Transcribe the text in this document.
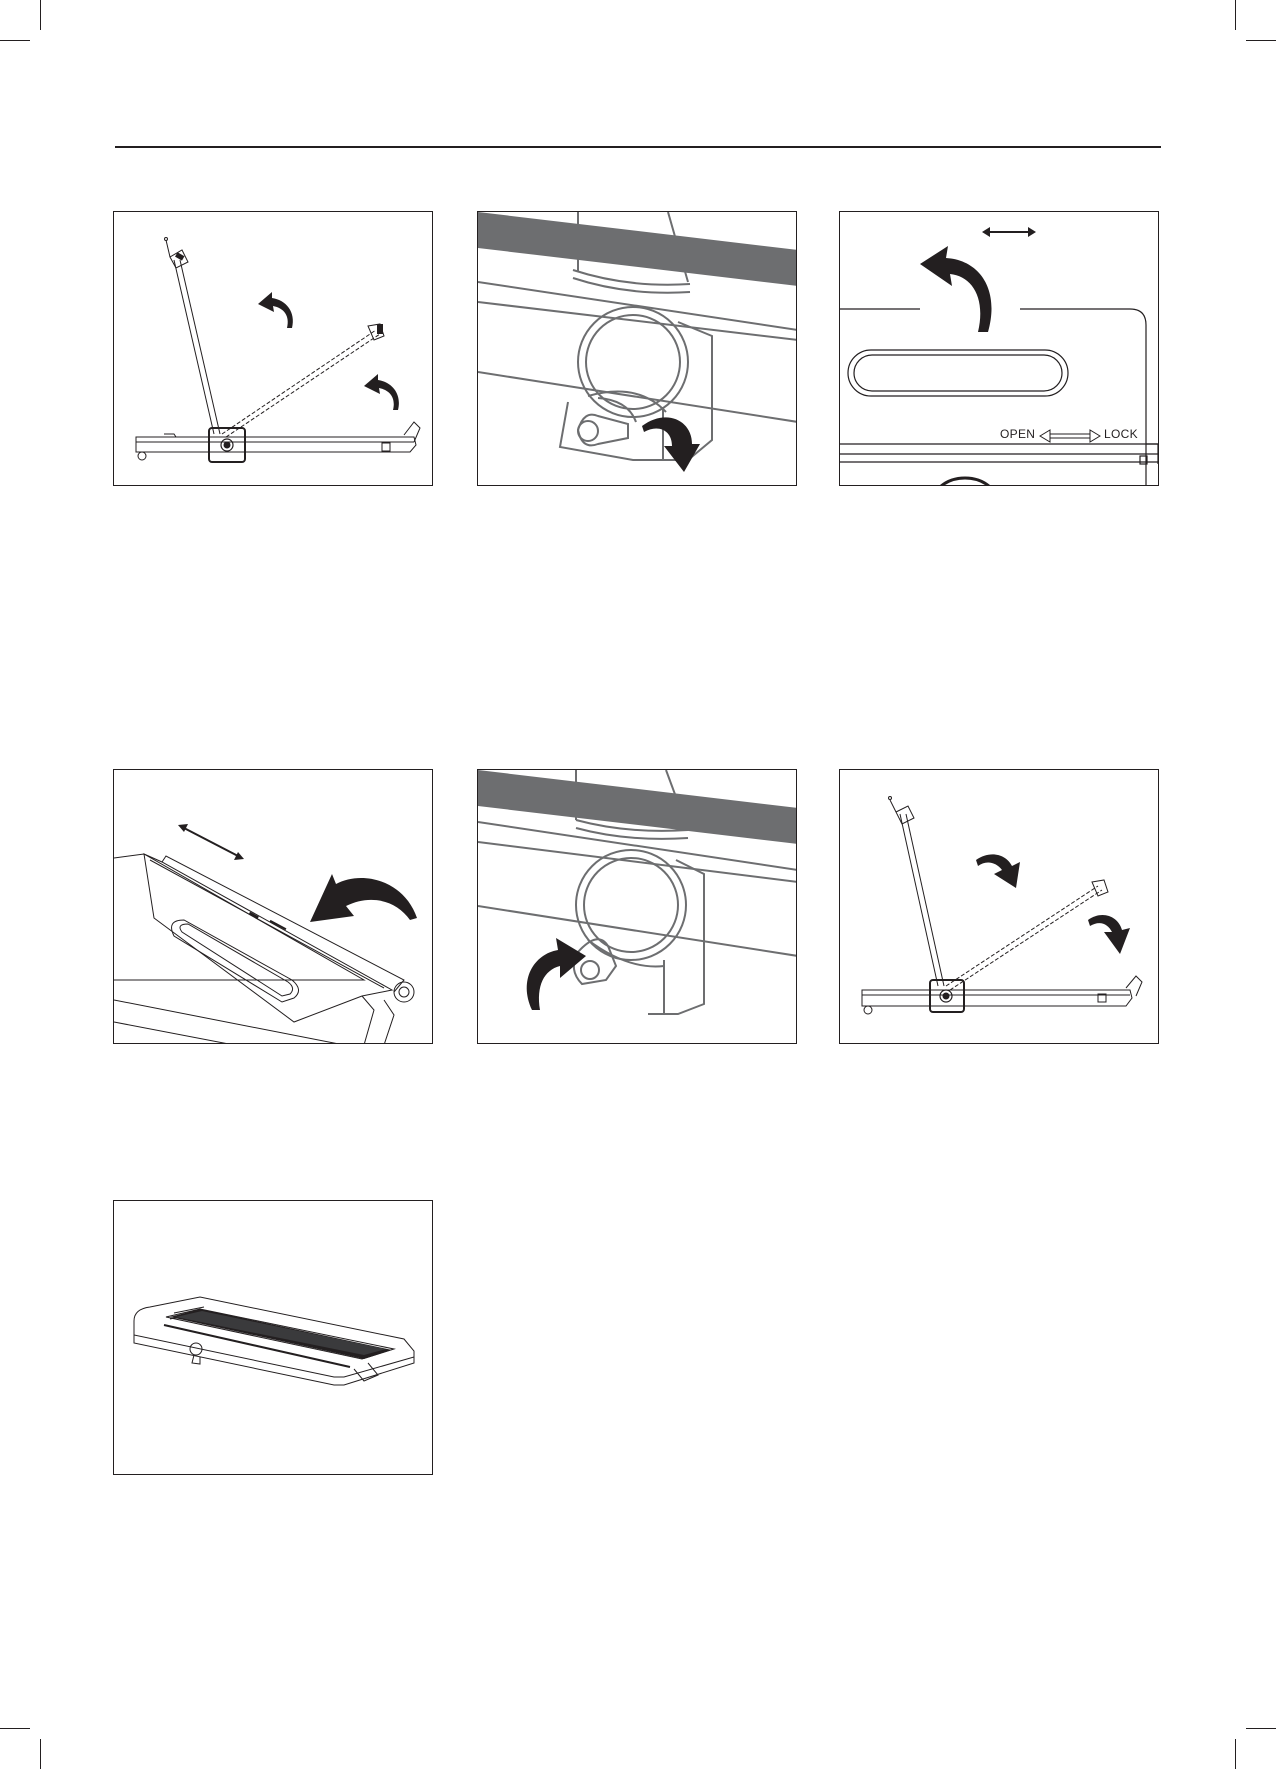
OPEN	LOCK
